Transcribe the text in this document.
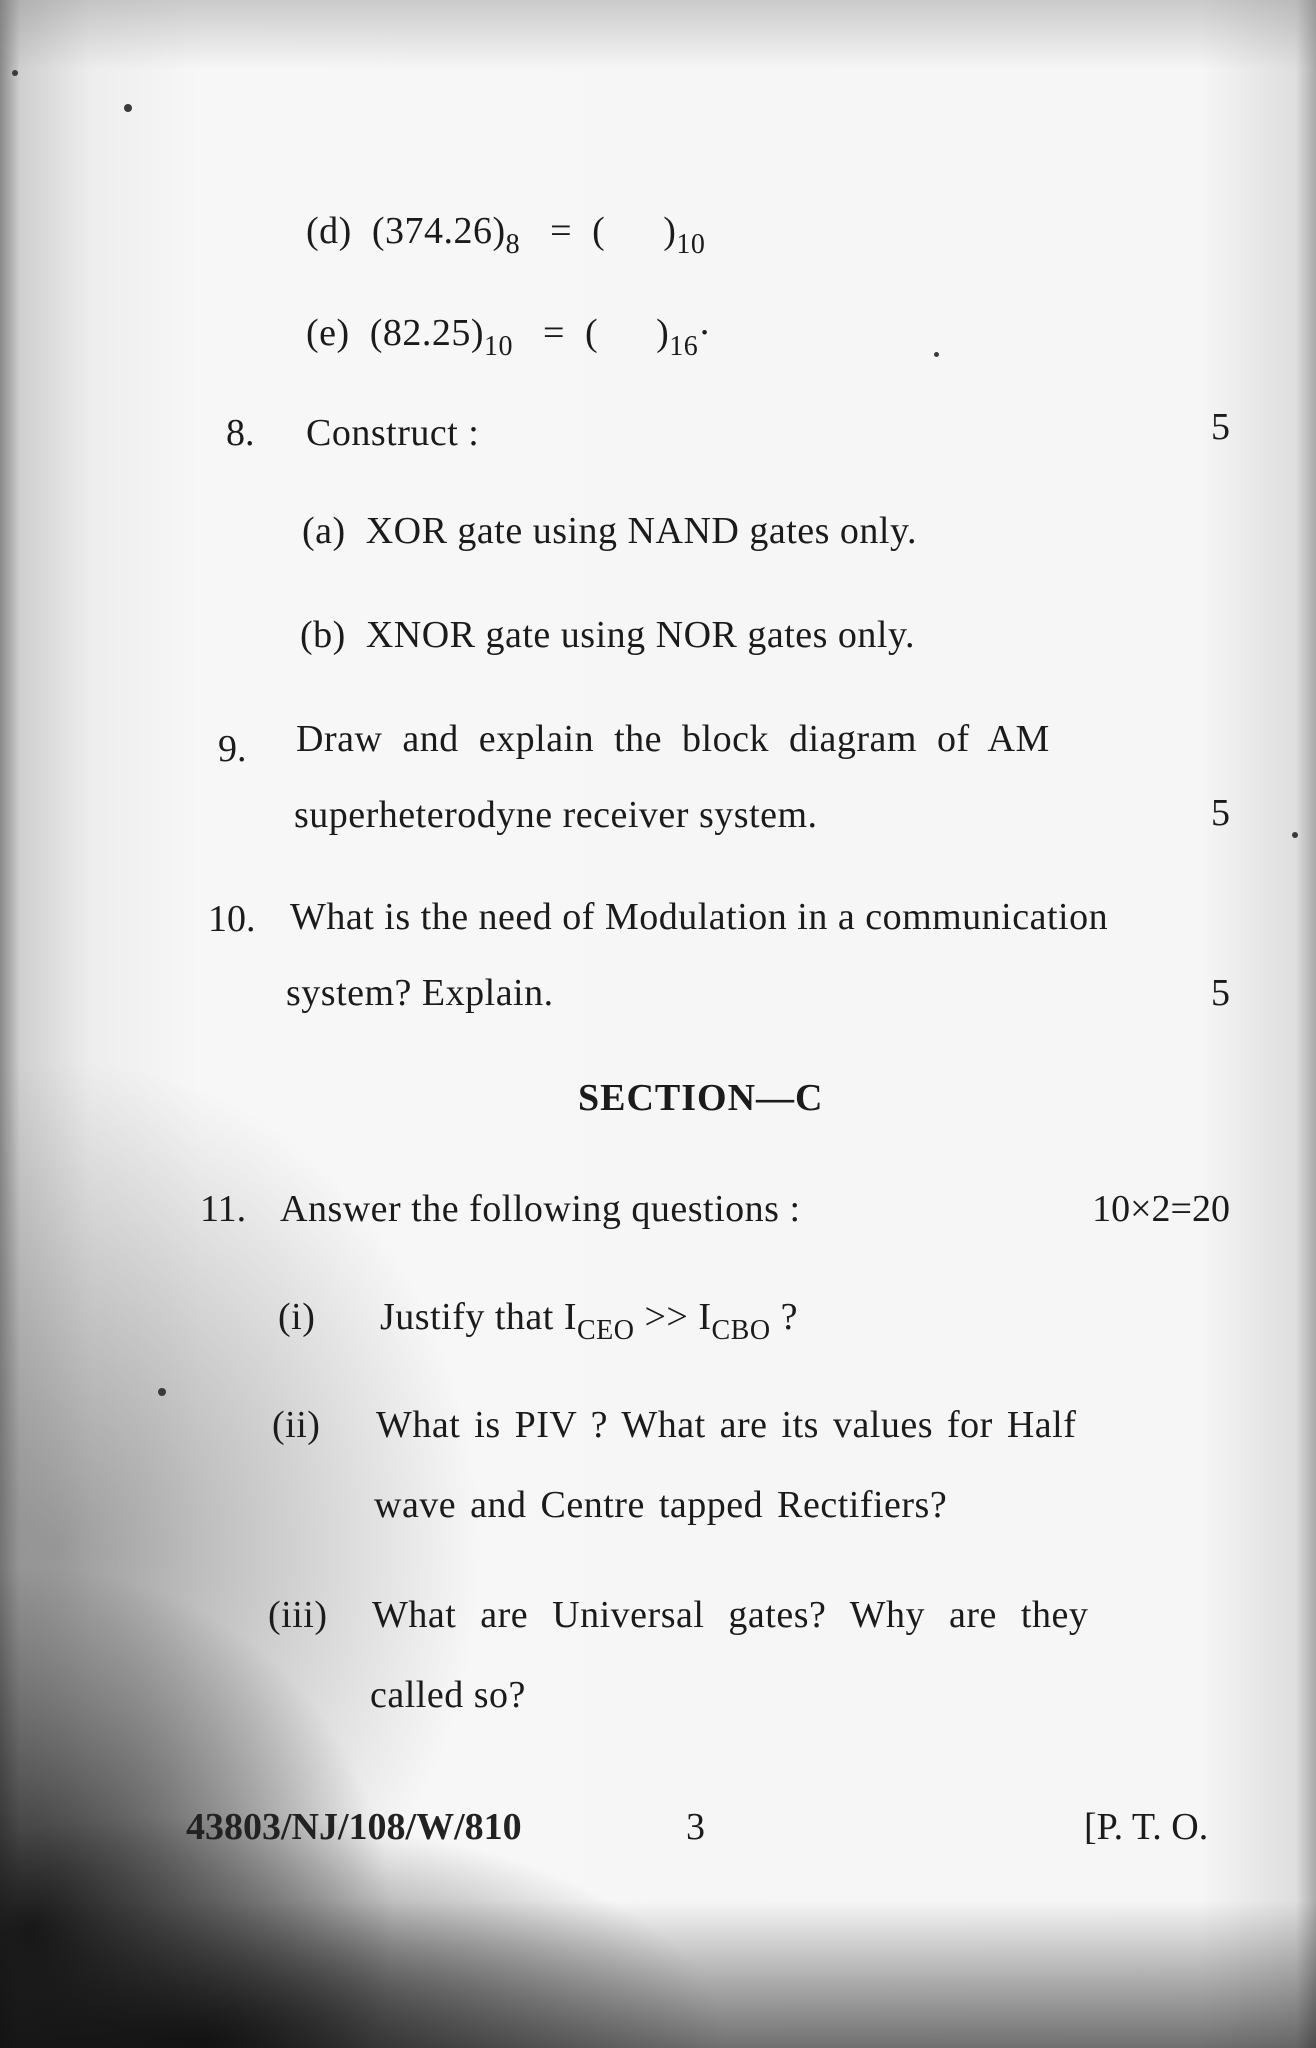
(d) $(374.26)_8$ = ( )$_{10}$
(e) $(82.25)_{10}$ = ( )$_{16}\cdot$
8. Construct :	5
(a) XOR gate using NAND gates only.
(b) XNOR gate using NOR gates only.
9. Draw and explain the block diagram of AM
superheterodyne receiver system.	5
10. What is the need of Modulation in a communication
system? Explain.	5
SECTION—C
11. Answer the following questions :	10×2=20
(i) Justify that $I_{CEO} >> I_{CBO}$ ?
(ii) What is PIV ? What are its values for Half
wave and Centre tapped Rectifiers?
(iii) What are Universal gates? Why are they
called so?
43803/NJ/108/W/810	3	[P. T. O.
